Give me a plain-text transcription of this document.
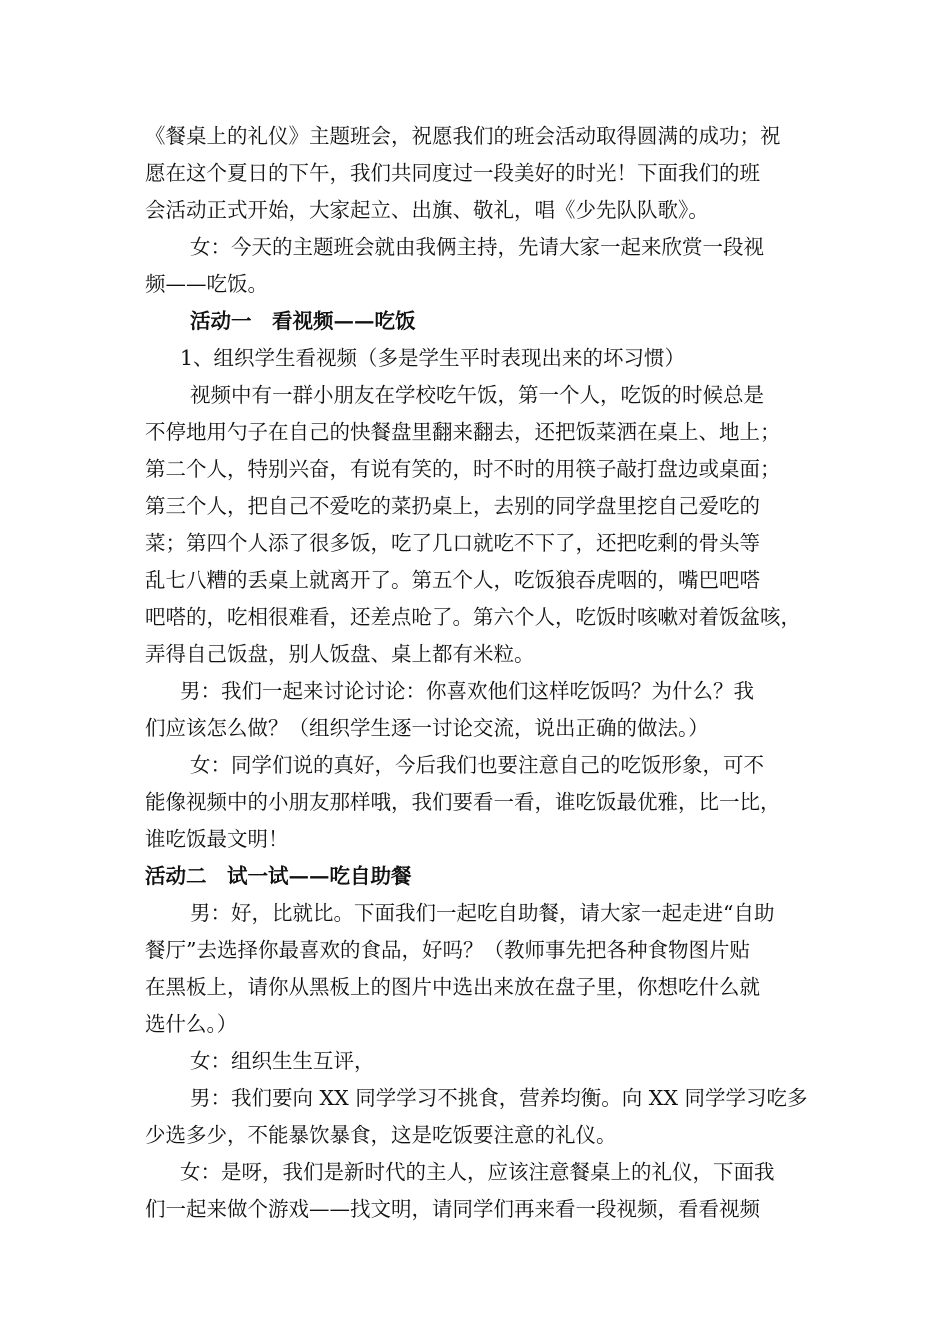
《餐桌上的礼仪》主题班会，祝愿我们的班会活动取得圆满的成功；祝
愿在这个夏日的下午，我们共同度过一段美好的时光！下面我们的班
会活动正式开始，大家起立、出旗、敬礼，唱《少先队队歌》。
女：今天的主题班会就由我俩主持，先请大家一起来欣赏一段视
频——吃饭。
活动一　看视频——吃饭
1、组织学生看视频（多是学生平时表现出来的坏习惯）
视频中有一群小朋友在学校吃午饭，第一个人，吃饭的时候总是
不停地用勺子在自己的快餐盘里翻来翻去，还把饭菜洒在桌上、地上；
第二个人，特别兴奋，有说有笑的，时不时的用筷子敲打盘边或桌面；
第三个人，把自己不爱吃的菜扔桌上，去别的同学盘里挖自己爱吃的
菜；第四个人添了很多饭，吃了几口就吃不下了，还把吃剩的骨头等
乱七八糟的丢桌上就离开了。第五个人，吃饭狼吞虎咽的，嘴巴吧嗒
吧嗒的，吃相很难看，还差点呛了。第六个人，吃饭时咳嗽对着饭盆咳，
弄得自己饭盘，别人饭盘、桌上都有米粒。
男：我们一起来讨论讨论：你喜欢他们这样吃饭吗？为什么？我
们应该怎么做？（组织学生逐一讨论交流，说出正确的做法。）
女：同学们说的真好，今后我们也要注意自己的吃饭形象，可不
能像视频中的小朋友那样哦，我们要看一看，谁吃饭最优雅，比一比，
谁吃饭最文明！
活动二　试一试——吃自助餐
男：好，比就比。下面我们一起吃自助餐，请大家一起走进“自助
餐厅”去选择你最喜欢的食品，好吗？（教师事先把各种食物图片贴
在黑板上，请你从黑板上的图片中选出来放在盘子里，你想吃什么就
选什么。）
女：组织生生互评，
男：我们要向 XX 同学学习不挑食，营养均衡。向 XX 同学学习吃多
少选多少，不能暴饮暴食，这是吃饭要注意的礼仪。
女：是呀，我们是新时代的主人，应该注意餐桌上的礼仪，下面我
们一起来做个游戏——找文明，请同学们再来看一段视频，看看视频
